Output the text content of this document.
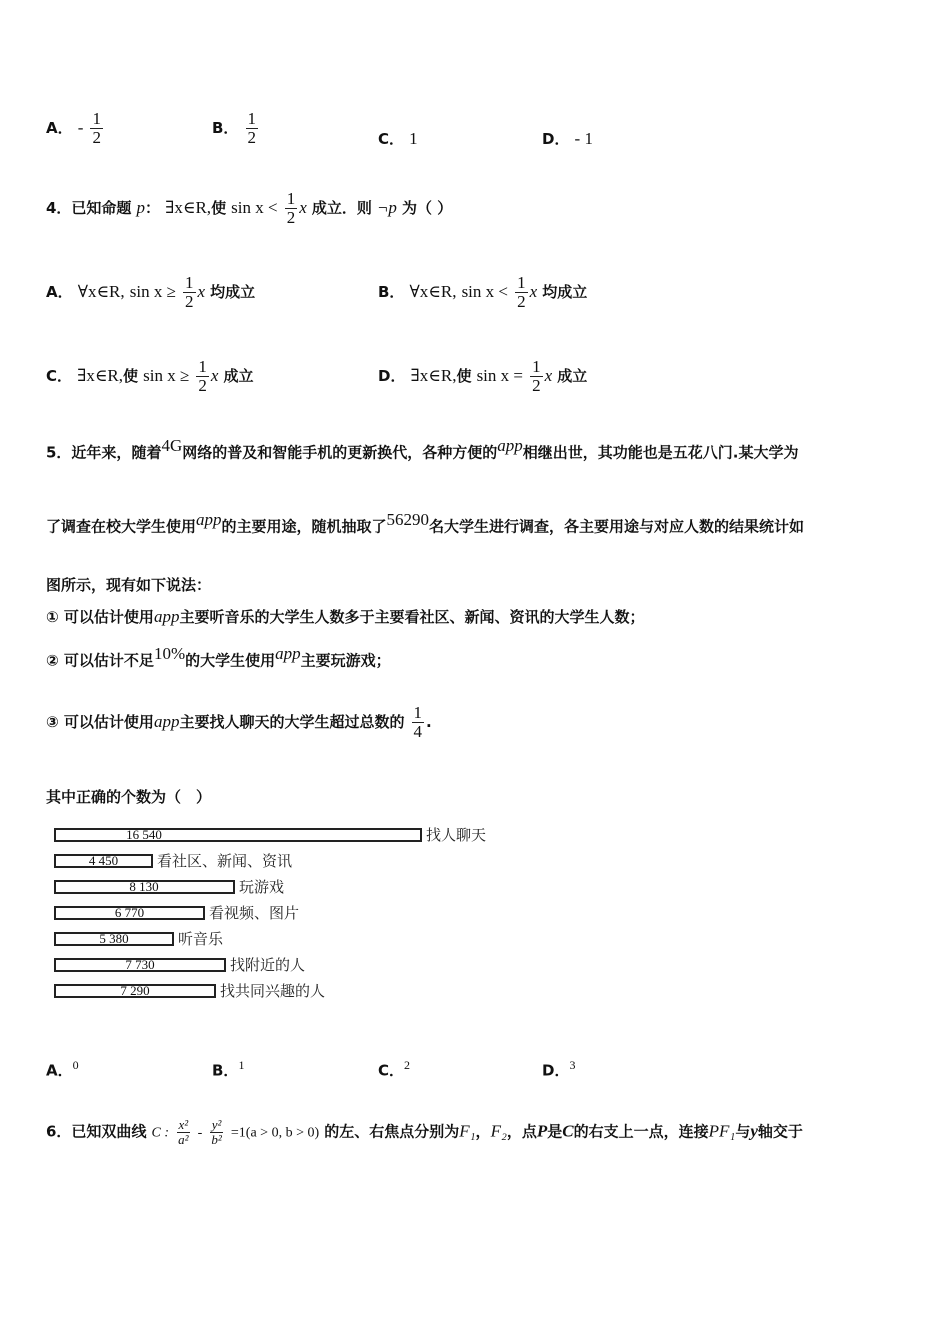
A． - $\frac{1}{2}$	B． $\frac{1}{2}$	C． 1	D． - 1
4．已知命题 p： ∃x∈R,使 $\sin x < \frac{1}{2}$ x 成立．则 ¬p 为（ ）
A． ∀x∈R, $\sin x \ge \frac{1}{2}$ x 均成立	B． ∀x∈R, $\sin x < \frac{1}{2}$ x 均成立
C． ∃x∈R,使 $\sin x \ge \frac{1}{2}$ x 成立	D． ∃x∈R,使 $\sin x = \frac{1}{2}$ x 成立
5．近年来，随着$^{4G}$网络的普及和智能手机的更新换代，各种方便的$^{app}$相继出世，其功能也是五花八门.某大学为
了调查在校大学生使用$^{app}$的主要用途，随机抽取了$^{56290}$名大学生进行调查，各主要用途与对应人数的结果统计如
图所示，现有如下说法：
① 可以估计使用app主要听音乐的大学生人数多于主要看社区、新闻、资讯的大学生人数；
② 可以估计不足$^{10\%}$的大学生使用$^{app}$主要玩游戏；
③ 可以估计使用app主要找人聊天的大学生超过总数的 $\frac{1}{4}$ .
其中正确的个数为（　）
16 540	找人聊天
4 450	看社区、新闻、资讯
8 130	玩游戏
6 770	看视频、图片
5 380	听音乐
7 730	找附近的人
7 290	找共同兴趣的人
A．$^0$	B．$^1$	C．$^2$	D．$^3$
6．已知双曲线 C : $\frac{\text{x²}}{\text{a²}} - \frac{\text{y²}}{\text{b²}} =1(a > 0$, b > 0) 的左、右焦点分别为F₁，F₂，点P是C的右支上一点，连接PF₁与y轴交于
